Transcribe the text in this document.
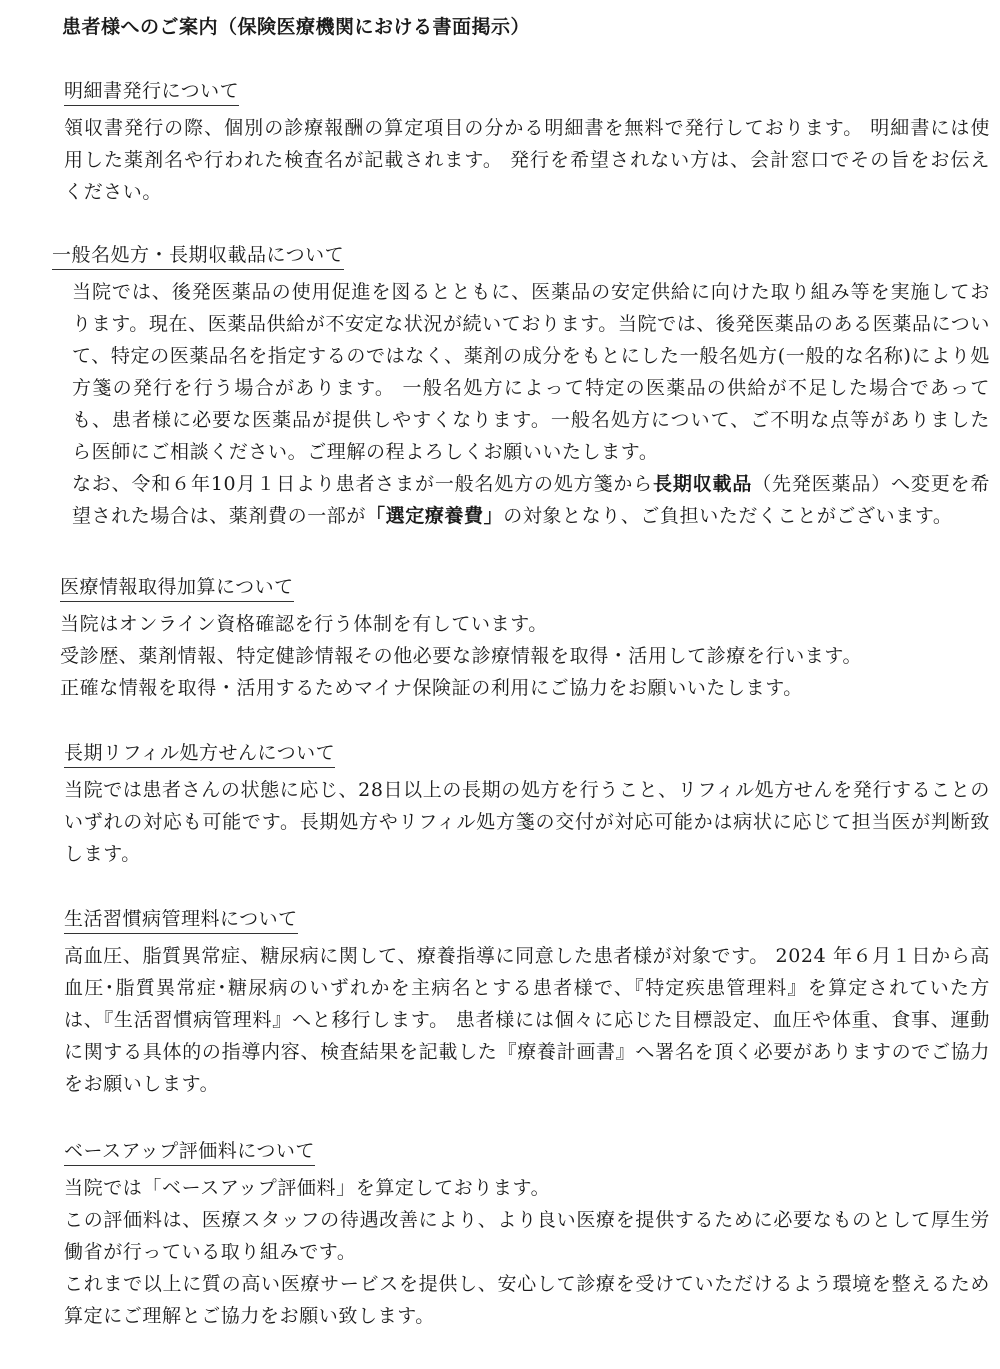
患者様へのご案内（保険医療機関における書面掲示）
明細書発行について

領収書発行の際、個別の診療報酬の算定項目の分かる明細書を無料で発行しております。 明細書には使用した薬剤名や行われた検査名が記載されます。 発行を希望されない方は、会計窓口でその旨をお伝えください。

一般名処方・長期収載品について

当院では、後発医薬品の使用促進を図るとともに、医薬品の安定供給に向けた取り組み等を実施しております。現在、医薬品供給が不安定な状況が続いております。当院では、後発医薬品のある医薬品について、特定の医薬品名を指定するのではなく、薬剤の成分をもとにした一般名処方(一般的な名称)により処方箋の発行を行う場合があります。 一般名処方によって特定の医薬品の供給が不足した場合であっても、患者様に必要な医薬品が提供しやすくなります。一般名処方について、ご不明な点等がありましたら医師にご相談ください。ご理解の程よろしくお願いいたします。

なお、令和６年10月１日より患者さまが一般名処方の処方箋から長期収載品（先発医薬品）へ変更を希望された場合は、薬剤費の一部が「選定療養費」の対象となり、ご負担いただくことがございます。

医療情報取得加算について

当院はオンライン資格確認を行う体制を有しています。

受診歴、薬剤情報、特定健診情報その他必要な診療情報を取得・活用して診療を行います。

正確な情報を取得・活用するためマイナ保険証の利用にご協力をお願いいたします。

長期リフィル処方せんについて

当院では患者さんの状態に応じ、28日以上の長期の処方を行うこと、リフィル処方せんを発行することのいずれの対応も可能です。長期処方やリフィル処方箋の交付が対応可能かは病状に応じて担当医が判断致します。

生活習慣病管理料について

高血圧、脂質異常症、糖尿病に関して、療養指導に同意した患者様が対象です。 2024 年６月１日から高血圧･脂質異常症･糖尿病のいずれかを主病名とする患者様で、『特定疾患管理料』を算定されていた方は、『生活習慣病管理料』へと移行します。 患者様には個々に応じた目標設定、血圧や体重、食事、運動に関する具体的の指導内容、検査結果を記載した『療養計画書』へ署名を頂く必要がありますのでご協力をお願いします。

ベースアップ評価料について

当院では「ベースアップ評価料」を算定しております。

この評価料は、医療スタッフの待遇改善により、より良い医療を提供するために必要なものとして厚生労働省が行っている取り組みです。

これまで以上に質の高い医療サービスを提供し、安心して診療を受けていただけるよう環境を整えるため算定にご理解とご協力をお願い致します。
